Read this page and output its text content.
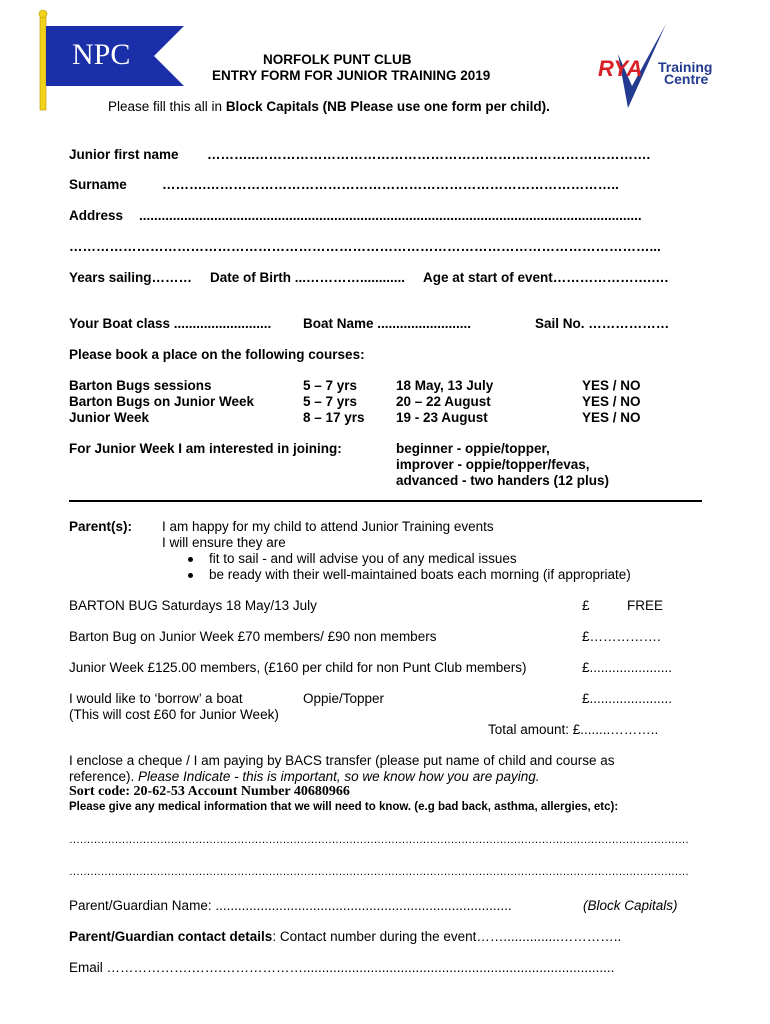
NPC	RYA Training
Centre
NORFOLK PUNT CLUB
ENTRY FORM FOR JUNIOR TRAINING 2019
Please fill this all in Block Capitals (NB Please use one form per child).
Junior first name ………..…………………………………………………………………………….
Surname	……….………………………………………………………………………………..
Address ......................................................................................................................................
…………………………………………………………………………………………………………………...
Years sailing……… Date of Birth ...…………............ Age at start of event………………….….
Your Boat class .......................... Boat Name .........................	Sail No. ………………
Please book a place on the following courses:
Barton Bugs sessions	5 – 7 yrs	18 May, 13 July	YES / NO
Barton Bugs on Junior Week	5 – 7 yrs	20 – 22 August	YES / NO
Junior Week	8 – 17 yrs 19 - 23 August	YES / NO
For Junior Week I am interested in joining:	beginner - oppie/topper,
improver - oppie/topper/fevas,
advanced - two handers (12 plus)
Parent(s): I am happy for my child to attend Junior Training events
I will ensure they are
fit to sail - and will advise you of any medical issues
be ready with their well-maintained boats each morning (if appropriate)
BARTON BUG Saturdays 18 May/13 July	£	FREE
Barton Bug on Junior Week £70 members/ £90 non members	£…………….
Junior Week £125.00 members, (£160 per child for non Punt Club members)	£......................
I would like to ‘borrow’ a boat	Oppie/Topper	£......................
(This will cost £60 for Junior Week)
Total amount: £........………..
I enclose a cheque / I am paying by BACS transfer (please put name of child and course as
reference). Please Indicate - this is important, so we know how you are paying.
Sort code: 20-62-53 Account Number 40680966
Please give any medical information that we will need to know. (e.g bad back, asthma, allergies, etc):
……………………………………………………………………………………………………………………………………………………………
……………………………………………………………………………………………………………………………………………………………
Parent/Guardian Name: ...............................................................................	(Block Capitals)
Parent/Guardian contact details: Contact number during the event……...............…………..
Email ……………….…….………………...................................................................................
